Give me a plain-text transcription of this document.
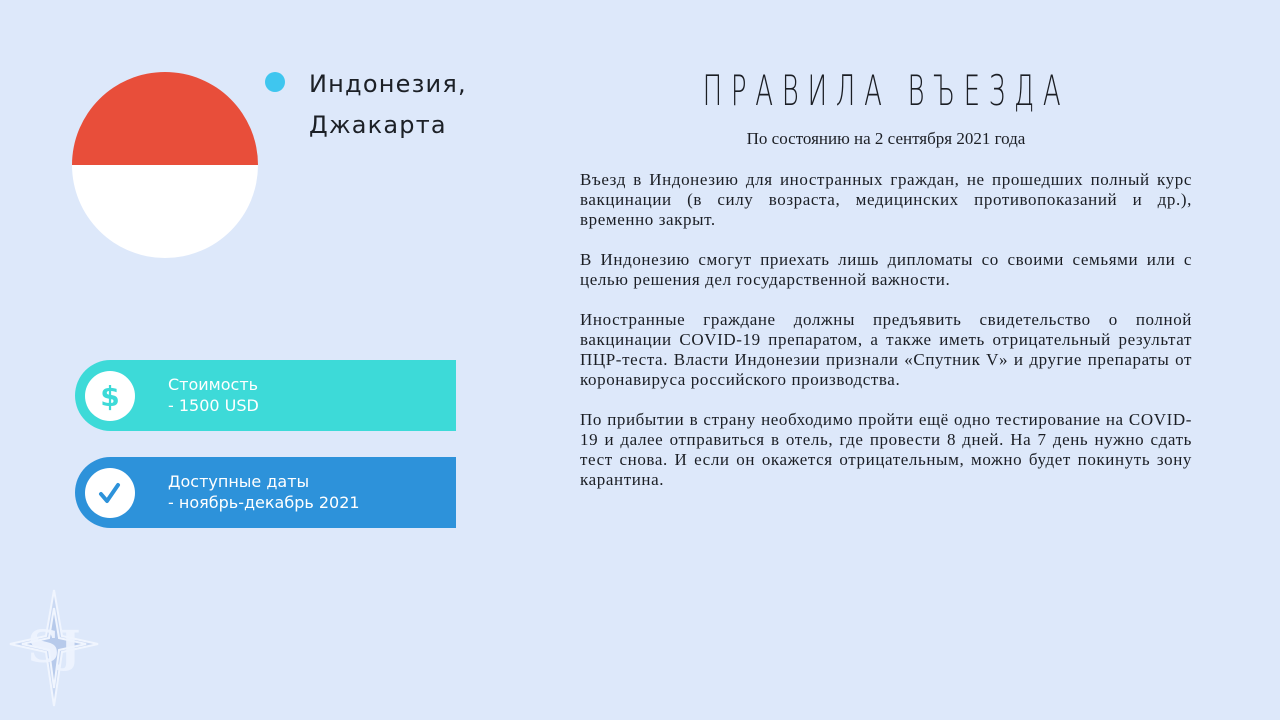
Индонезия,
Джакарта
$	Стоимость
- 1500 USD
Доступные даты
- ноябрь-декабрь 2021
ПРАВИЛА ВЪЕЗДА
По состоянию на 2 сентября 2021 года

Въезд в Индонезию для иностранных граждан, не прошедших полный курс вакцинации (в силу возраста, медицинских противопоказаний и др.), временно закрыт.

В Индонезию смогут приехать лишь дипломаты со своими семьями или с целью решения дел государственной важности.

Иностранные граждане должны предъявить свидетельство о полной вакцинации COVID-19 препаратом, а также иметь отрицательный результат ПЦР-теста. Власти Индонезии признали «Спутник V» и другие препараты от коронавируса российского производства.

По прибытии в страну необходимо пройти ещё одно тестирование на COVID-19 и далее отправиться в отель, где провести 8 дней. На 7 день нужно сдать тест снова. И если он окажется отрицательным, можно будет покинуть зону карантина.

SJ
